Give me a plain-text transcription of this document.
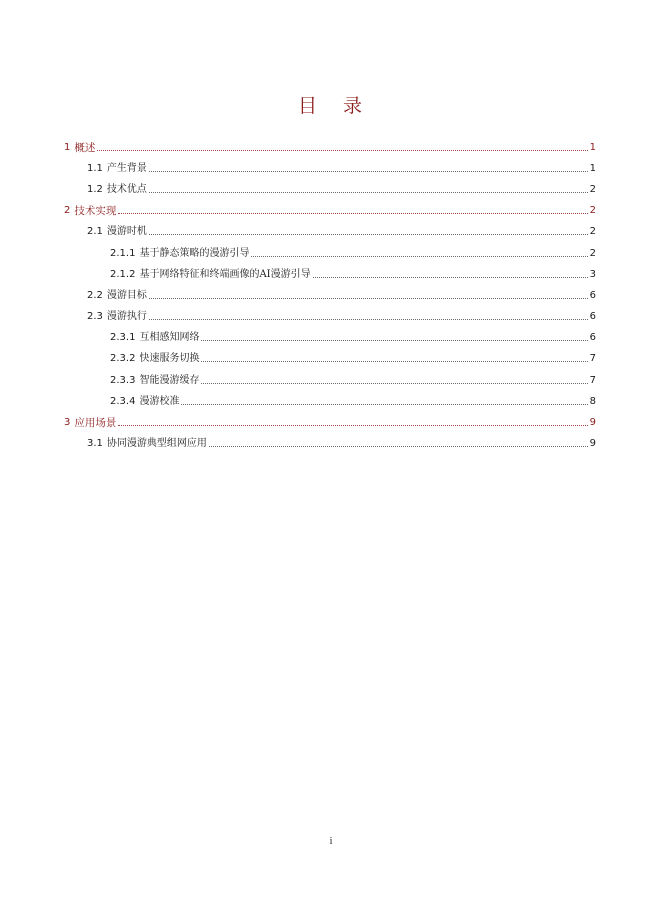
目 录
1 概述	1
1.1 产生背景	1
1.2 技术优点	2
2 技术实现	2
2.1 漫游时机	2
2.1.1 基于静态策略的漫游引导	2
2.1.2 基于网络特征和终端画像的AI漫游引导	3
2.2 漫游目标	6
2.3 漫游执行	6
2.3.1 互相感知网络	6
2.3.2 快速服务切换	7
2.3.3 智能漫游缓存	7
2.3.4 漫游校准	8
3 应用场景	9
3.1 协同漫游典型组网应用	9
i
